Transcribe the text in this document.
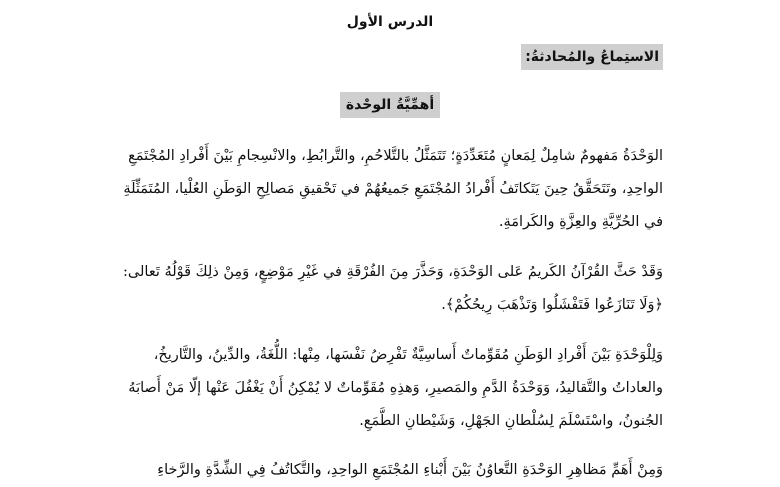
الدرس الأول
الاستِماعُ والمُحادثةُ:
أهمِّيَّةُ الوحْدة

الوَحْدَةُ مَفهومٌ شامِلٌ لِمَعانٍ مُتَعَدِّدَةٍ؛ تَتَمَثَّلُ بالتَّلاحُمِ، والتَّرابُطِ، والانْسِجامِ بَيْنَ أَفْرادِ المُجْتَمَعِ
الواحِدِ، وتَتَحَقَّقُ حِينَ يَتَكاتَفُ أَفْرادُ المُجْتَمَعِ جَميعُهُمْ في تَحْقيقِ مَصالِحِ الوَطَنِ العُلْيا، المُتَمَثِّلَةِ
في الحُرِّيَّةِ والعِزَّةِ والكَرامَةِ.

وَقَدْ حَثَّ القُرْآنُ الكَريمُ عَلى الوَحْدَةِ، وَحَذَّرَ مِنَ الفُرْقَةِ في غَيْرِ مَوْضِعٍ، وَمِنْ ذلِكَ قَوْلُهُ تَعالى:
﴿وَلَا تَنَازَعُوا فَتَفْشَلُوا وَتَذْهَبَ رِيحُكُمْ﴾.

وَلِلْوَحْدَةِ بَيْنَ أَفْرادِ الوَطَنِ مُقَوِّماتٌ أَساسِيَّةٌ تَفْرِضُ نَفْسَها، مِنْها: اللُّغَةُ، والدِّينُ، والتَّاريخُ،
والعاداتُ والتَّقاليدُ، وَوَحْدَةُ الدَّمِ والمَصيرِ، وَهذِهِ مُقَوِّماتٌ لا يُمْكِنُ أَنْ يَغْفُلَ عَنْها إلّا مَنْ أَصابَهُ
الجُنونُ، واسْتَسْلَمَ لِسُلْطانِ الجَهْلِ، وَشَيْطانِ الطَّمَعِ.

وَمِنْ أَهَمِّ مَظاهِرِ الوَحْدَةِ التَّعاوُنُ بَيْنَ أَبْناءِ المُجْتَمَعِ الواحِدِ، والتَّكاتُفُ فِي الشِّدَّةِ والرَّخاءِ
